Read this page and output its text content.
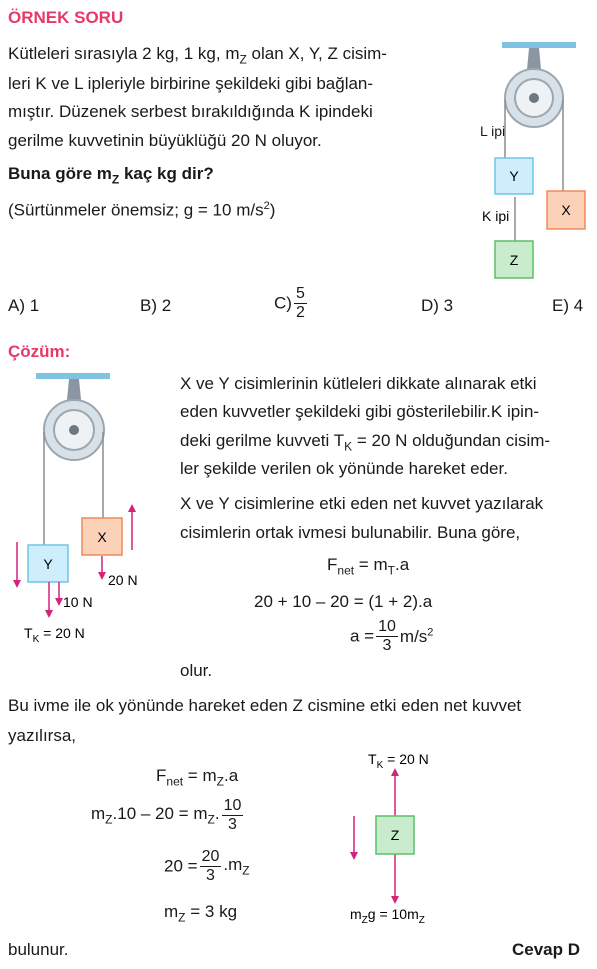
ÖRNEK SORU
Kütleleri sırasıyla 2 kg, 1 kg, $m_Z$ olan X, Y, Z cisim-
leri K ve L ipleriyle birbirine şekildeki gibi bağlan-
mıştır. Düzenek serbest bırakıldığında K ipindeki
gerilme kuvvetinin büyüklüğü 20 N oluyor.
Buna göre $m_Z$ kaç kg dir?
(Sürtünmeler önemsiz; g = 10 $m/s^2$)
L ipi
Y
K ipi	X
Z
A) 1	B) 2	$C) \frac{5}{2}$	D) 3	E) 4
Çözüm:
Y
X
20 N
10 N
$T_K = 20$ N
X ve Y cisimlerinin kütleleri dikkate alınarak etki
eden kuvvetler şekildeki gibi gösterilebilir.K ipin-
deki gerilme kuvveti $T_K = 20$ N olduğundan cisim-
ler şekilde verilen ok yönünde hareket eder.
X ve Y cisimlerine etki eden net kuvvet yazılarak
cisimlerin ortak ivmesi bulunabilir. Buna göre,
$F_{net} = m_T.a$
20 + 10 – 20 = (1 + 2).a
$a = \frac{10}{3} m/s^2$
olur.
Bu ivme ile ok yönünde hareket eden Z cismine etki eden net kuvvet
yazılırsa,
$F_{net} = m_Z.a$
$m_Z.10 - 20 = m_Z$. $\frac{10}{3}$
$20 = \frac{20}{3} .m_Z$
$m_Z = 3$ kg
$T_K = 20$ N
Z
$m_Zg = 10m_Z$
bulunur.	Cevap D
